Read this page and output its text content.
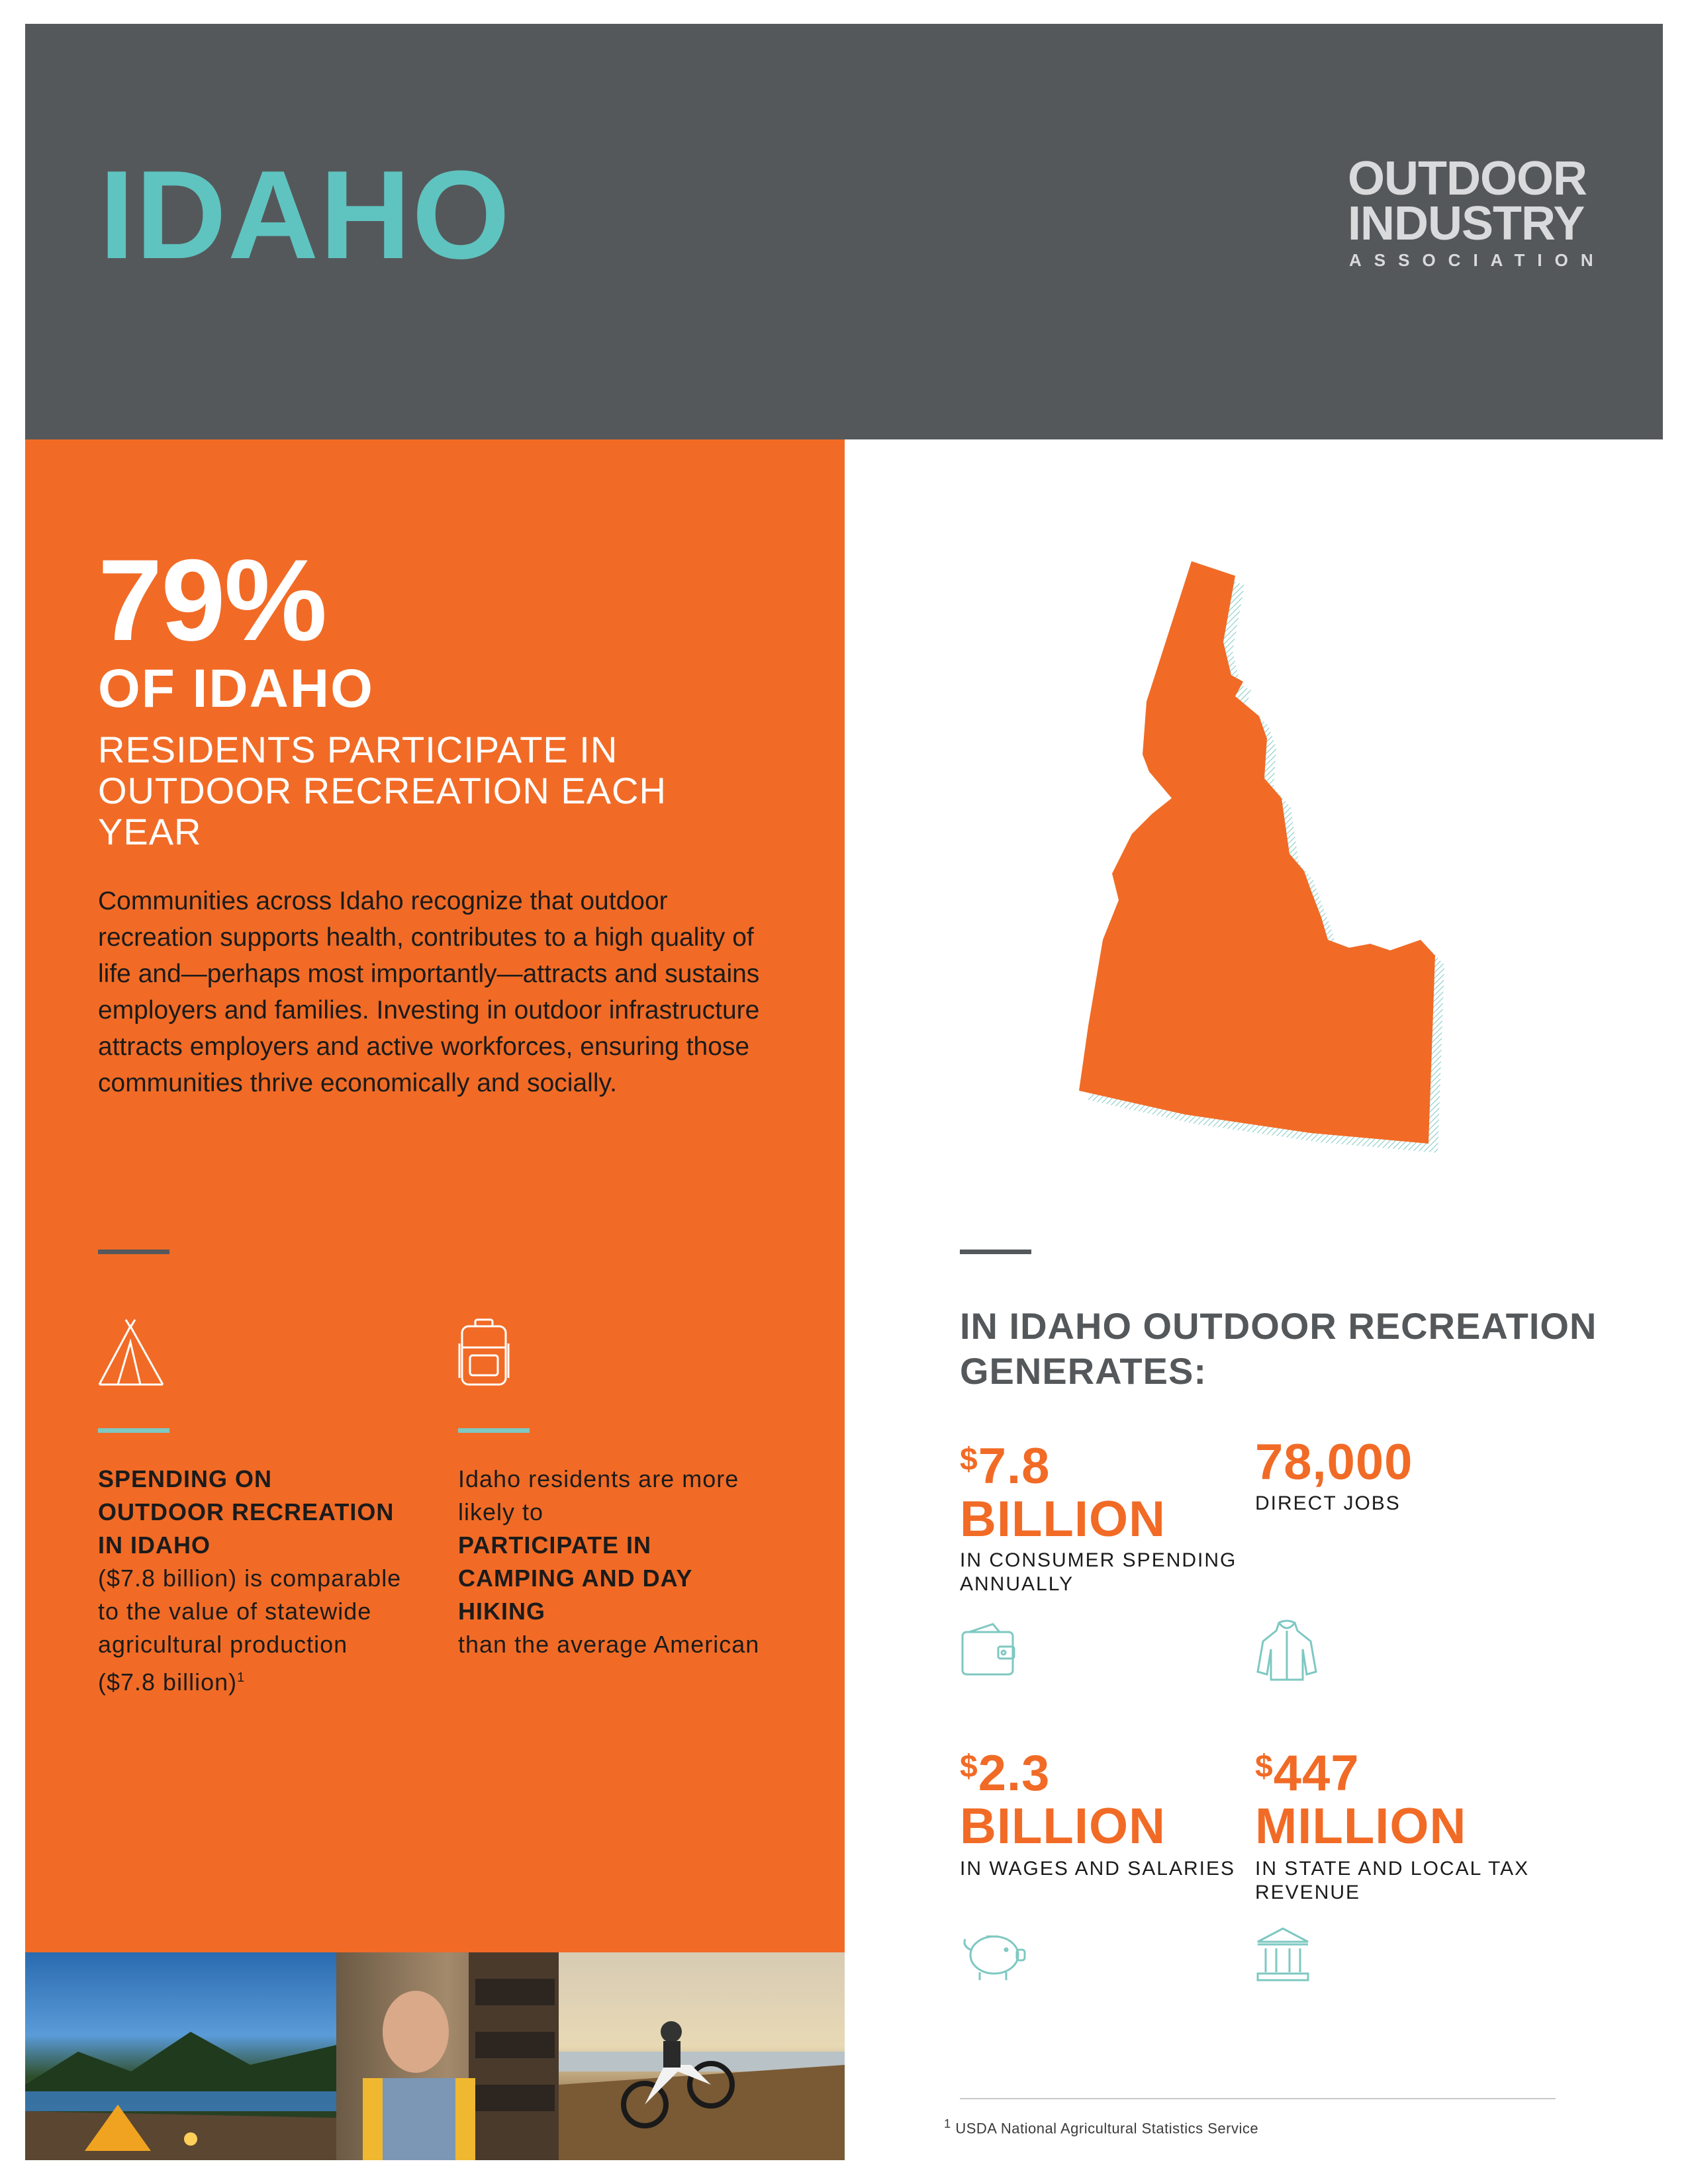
IDAHO	OUTDOOR
INDUSTRY
ASSOCIATION
79%
OF IDAHO
RESIDENTS PARTICIPATE IN OUTDOOR RECREATION EACH YEAR
Communities across Idaho recognize that outdoor recreation supports health, contributes to a high quality of life and—perhaps most importantly—attracts and sustains employers and families. Investing in outdoor infrastructure attracts employers and active workforces, ensuring those communities thrive economically and socially.
SPENDING ON OUTDOOR RECREATION IN IDAHO
($7.8 billion) is comparable to the value of statewide agricultural production ($7.8 billion)$^1$
Idaho residents are more likely to
PARTICIPATE IN CAMPING AND DAY HIKING
than the average American
IN IDAHO OUTDOOR RECREATION GENERATES:
$7.8
BILLION
IN CONSUMER SPENDING ANNUALLY
78,000
DIRECT JOBS
$2.3
BILLION
IN WAGES AND SALARIES
$447
MILLION
IN STATE AND LOCAL TAX REVENUE
$^1$ USDA National Agricultural Statistics Service
